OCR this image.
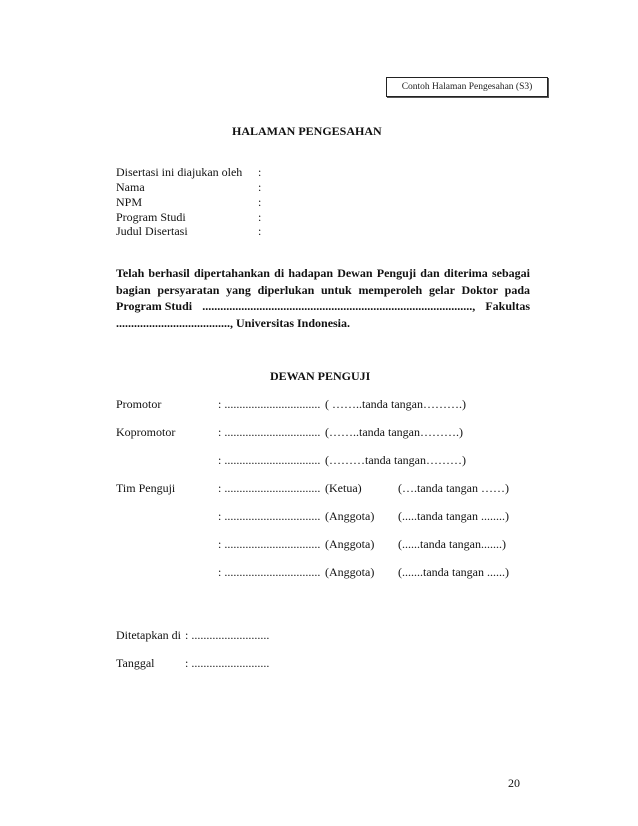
Contoh Halaman Pengesahan (S3)
HALAMAN PENGESAHAN
Disertasi ini diajukan oleh :
Nama	:
NPM	:
Program Studi	:
Judul Disertasi	:
Telah berhasil dipertahankan di hadapan Dewan Penguji dan diterima sebagai
bagian persyaratan yang diperlukan untuk memperoleh gelar Doktor pada
Program Studi .........................................................................................., Fakultas
......................................, Universitas Indonesia.
DEWAN PENGUJI
Promotor	: ................................ ( ……..tanda tangan……….)
Kopromotor	: ................................ (……..tanda tangan……….)
: ................................ (………tanda tangan………)
Tim Penguji	: ................................ (Ketua)	(….tanda tangan ……)
: ................................ (Anggota) (.....tanda tangan ........)
: ................................ (Anggota) (......tanda tangan.......)
: ................................ (Anggota) (.......tanda tangan ......)
Ditetapkan di : ..........................
Tanggal	: ..........................
20
